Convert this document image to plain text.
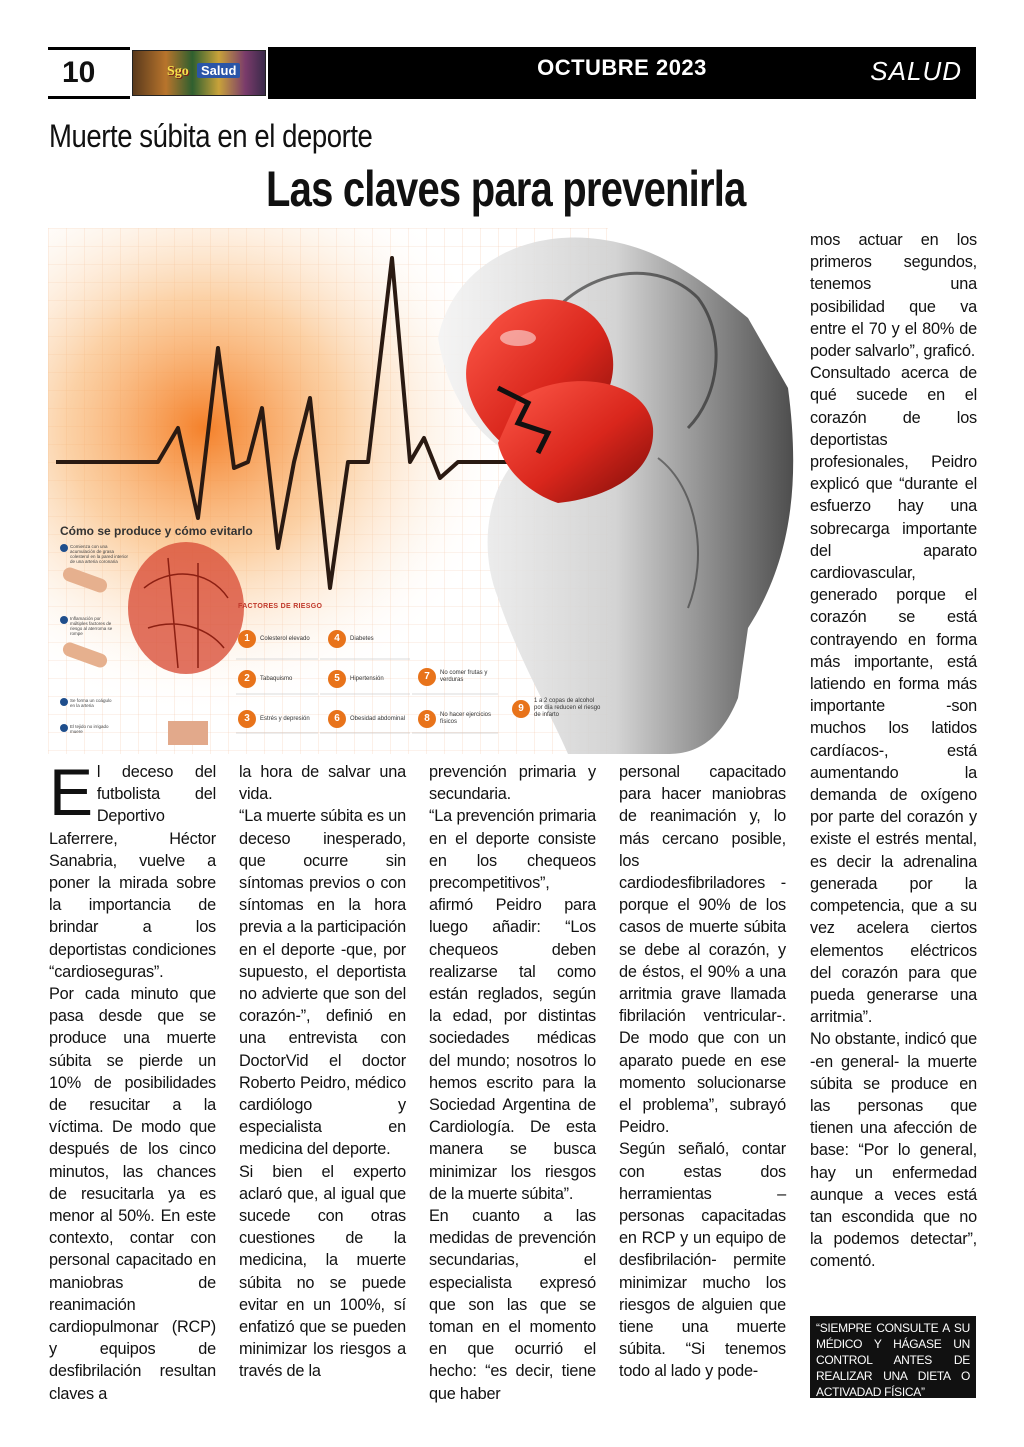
10	Sgo Salud	OCTUBRE 2023	SALUD
Muerte súbita en el deporte
Las claves para prevenirla
Cómo se produce y cómo evitarlo
FACTORES DE RIESGO
Comienza con una acumulación de grasa colesterol en la pared interior de una arteria coronaria
Inflamación por múltiples factores de riesgo al aterroma se rompe
Se forma un coágulo en la arteria
El tejido no irrigado muere
1	Colesterol elevado
2	Tabaquismo
3	Estrés y depresión
4	Diabetes
5	Hipertensión
6	Obesidad abdominal
7	No comer frutas y verduras
8	No hacer ejercicios físicos
9
1 a 2 copas de alcohol por día reducen el riesgo de infarto
E l deceso del futbolista del Deportivo Laferrere, Héctor Sanabria, vuelve a poner la mirada sobre la importancia de brindar a los deportistas condiciones “cardioseguras”.

Por cada minuto que pasa desde que se produce una muerte súbita se pierde un 10% de posibilidades de resucitar a la víctima. De modo que después de los cinco minutos, las chances de resucitarla ya es menor al 50%. En este contexto, contar con personal capacitado en maniobras de reanimación cardiopulmonar (RCP) y equipos de desfibrilación resultan claves a

la hora de salvar una vida.

“La muerte súbita es un deceso inesperado, que ocurre sin síntomas previos o con síntomas en la hora previa a la participación en el deporte -que, por supuesto, el deportista no advierte que son del corazón-”, definió en una entrevista con DoctorVid el doctor Roberto Peidro, médico cardiólogo y especialista en medicina del deporte.

Si bien el experto aclaró que, al igual que sucede con otras cuestiones de la medicina, la muerte súbita no se puede evitar en un 100%, sí enfatizó que se pueden minimizar los riesgos a través de la

prevención primaria y secundaria.

“La prevención primaria en el deporte consiste en los chequeos precompetitivos”, afirmó Peidro para luego añadir: “Los chequeos deben realizarse tal como están reglados, según la edad, por distintas sociedades médicas del mundo; nosotros lo hemos escrito para la Sociedad Argentina de Cardiología. De esta manera se busca minimizar los riesgos de la muerte súbita”.

En cuanto a las medidas de prevención secundarias, el especialista expresó que son las que se toman en el momento en que ocurrió el hecho: “es decir, tiene que haber

personal capacitado para hacer maniobras de reanimación y, lo más cercano posible, los cardiodesfibriladores -porque el 90% de los casos de muerte súbita se debe al corazón, y de éstos, el 90% a una arritmia grave llamada fibrilación ventricular-. De modo que con un aparato puede en ese momento solucionarse el problema”, subrayó Peidro.

Según señaló, contar con estas dos herramientas –personas capacitadas en RCP y un equipo de desfibrilación- permite minimizar mucho los riesgos de alguien que tiene una muerte súbita. “Si tenemos todo al lado y pode-

mos actuar en los primeros segundos, tenemos una posibilidad que va entre el 70 y el 80% de poder salvarlo”, graficó.

Consultado acerca de qué sucede en el corazón de los deportistas profesionales, Peidro explicó que “durante el esfuerzo hay una sobrecarga importante del aparato cardiovascular, generado porque el corazón se está contrayendo en forma más importante, está latiendo en forma más importante -son muchos los latidos cardíacos-, está aumentando la demanda de oxígeno por parte del corazón y existe el estrés mental, es decir la adrenalina generada por la competencia, que a su vez acelera ciertos elementos eléctricos del corazón para que pueda generarse una arritmia”.

No obstante, indicó que -en general- la muerte súbita se produce en las personas que tienen una afección de base: “Por lo general, hay un enfermedad aunque a veces está tan escondida que no la podemos detectar”, comentó.

“SIEMPRE CONSULTE A SU MÉDICO Y HÁGASE UN CONTROL ANTES DE REALIZAR UNA DIETA O ACTIVADAD FÍSICA”
